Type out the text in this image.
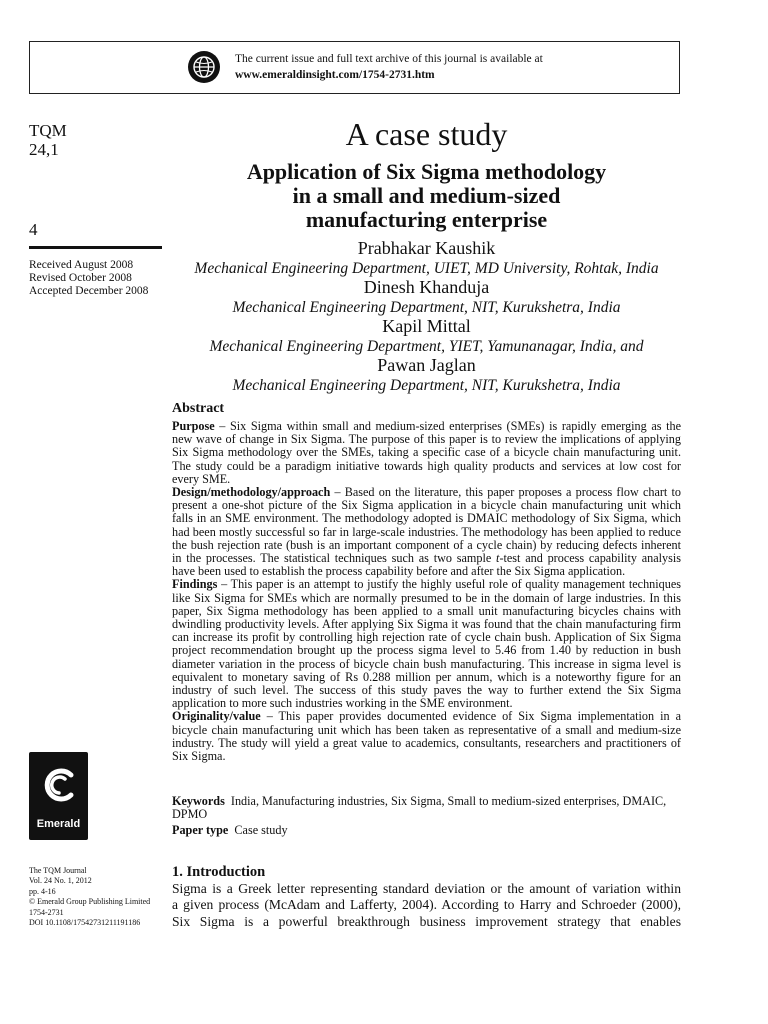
The current issue and full text archive of this journal is available at
www.emeraldinsight.com/1754-2731.htm
TQM
24,1
4
Received August 2008
Revised October 2008
Accepted December 2008
Emerald
The TQM Journal
Vol. 24 No. 1, 2012
pp. 4-16
© Emerald Group Publishing Limited
1754-2731
DOI 10.1108/17542731211191186
A case study
Application of Six Sigma methodology
in a small and medium-sized
manufacturing enterprise
Prabhakar Kaushik
Mechanical Engineering Department, UIET, MD University, Rohtak, India
Dinesh Khanduja
Mechanical Engineering Department, NIT, Kurukshetra, India
Kapil Mittal
Mechanical Engineering Department, YIET, Yamunanagar, India, and
Pawan Jaglan
Mechanical Engineering Department, NIT, Kurukshetra, India
Abstract

Purpose – Six Sigma within small and medium-sized enterprises (SMEs) is rapidly emerging as the new wave of change in Six Sigma. The purpose of this paper is to review the implications of applying Six Sigma methodology over the SMEs, taking a specific case of a bicycle chain manufacturing unit. The study could be a paradigm initiative towards high quality products and services at low cost for every SME.

Design/methodology/approach – Based on the literature, this paper proposes a process flow chart to present a one-shot picture of the Six Sigma application in a bicycle chain manufacturing unit which falls in an SME environment. The methodology adopted is DMAIC methodology of Six Sigma, which had been mostly successful so far in large-scale industries. The methodology has been applied to reduce the bush rejection rate (bush is an important component of a cycle chain) by reducing defects inherent in the processes. The statistical techniques such as two sample t-test and process capability analysis have been used to establish the process capability before and after the Six Sigma application.

Findings – This paper is an attempt to justify the highly useful role of quality management techniques like Six Sigma for SMEs which are normally presumed to be in the domain of large industries. In this paper, Six Sigma methodology has been applied to a small unit manufacturing bicycles chains with dwindling productivity levels. After applying Six Sigma it was found that the chain manufacturing firm can increase its profit by controlling high rejection rate of cycle chain bush. Application of Six Sigma project recommendation brought up the process sigma level to 5.46 from 1.40 by reduction in bush diameter variation in the process of bicycle chain bush manufacturing. This increase in sigma level is equivalent to monetary saving of Rs 0.288 million per annum, which is a noteworthy figure for an industry of such level. The success of this study paves the way to further extend the Six Sigma application to more such industries working in the SME environment.

Originality/value – This paper provides documented evidence of Six Sigma implementation in a bicycle chain manufacturing unit which has been taken as representative of a small and medium-size industry. The study will yield a great value to academics, consultants, researchers and practitioners of Six Sigma.

Keywords India, Manufacturing industries, Six Sigma, Small to medium-sized enterprises, DMAIC, DPMO
Paper type Case study
1. Introduction
Sigma is a Greek letter representing standard deviation or the amount of variation within
a given process (McAdam and Lafferty, 2004). According to Harry and Schroeder (2000),
Six Sigma is a powerful breakthrough business improvement strategy that enables
